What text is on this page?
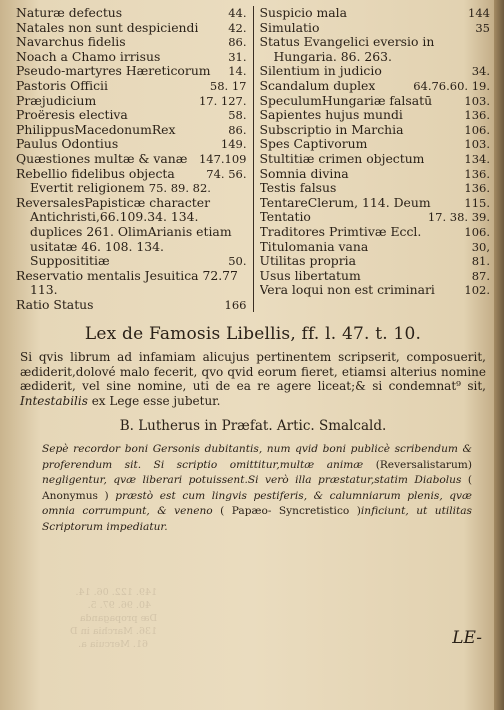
Naturæ defectus	44.
Natales non sunt despiciendi	42.
Navarchus fidelis	86.
Noach a Chamo irrisus	31.
Pseudo-martyres Hæreticorum	14.
Pastoris Officii	58. 17
Præjudicium	17. 127.
Proëresis electiva	58.
PhilippusMacedonumRex	86.
Paulus Odontius	149.
Quæstiones multæ & vanæ	147.109
Rebellio fidelibus objecta	74. 56.
Evertit religionem 75. 89. 82.
ReversalesPapisticæ character Antichristi,66.109.34. 134. duplices 261. OlimArianis etiam usitatæ 46. 108. 134. Supposititiæ	50.
Reservatio mentalis Jesuitica 72.77 113.
Ratio Status	166
Suspicio mala	144
Simulatio	35
Status Evangelici eversio in Hungaria. 86. 263.
Silentium in judicio	34.
Scandalum duplex	64.76.60. 19.
SpeculumHungariæ falsatū	103.
Sapientes hujus mundi	136.
Subscriptio in Marchia	106.
Spes Captivorum	103.
Stultitiæ crimen objectum	134.
Somnia divina	136.
Testis falsus	136.
TentareClerum, 114. Deum	115.
Tentatio	17. 38. 39.
Traditores Primtivæ Eccl.	106.
Titulomania vana	30,
Utilitas propria	81.
Usus libertatum	87.
Vera loqui non est criminari	102.
Lex de Famosis Libellis, ff. l. 47. t. 10.

Si qvis librum ad infamiam alicujus pertinentem scripserit, composuerit, ædiderit,dolové malo fecerit, qvo qvid eorum fieret, etiamsi alterius nomine ædiderit, vel sine nomine, uti de ea re agere liceat;& si condemnat⁹ sit, Intestabilis ex Lege esse jubetur.

B. Lutherus in Præfat. Artic. Smalcald.

Sepè recordor boni Gersonis dubitantis, num qvid boni publicè scribendum & proferendum sit. Si scriptio omittitur,multæ animæ (Reversalistarum) negligentur, qvæ liberari potuissent.Si verò illa præstatur,statim Diabolus ( Anonymus ) præstò est cum lingvis pestiferis, & calumniarum plenis, qvæ omnia corrumpunt, & veneno ( Papæo- Syncretistico )inficiunt, ut utilitas Scriptorum impediatur.

149. 122. 06. 14.
40. 96. 97. 5.
Dæ propaganda
136. Marchia in D
61. Mercuia a.	LE-
